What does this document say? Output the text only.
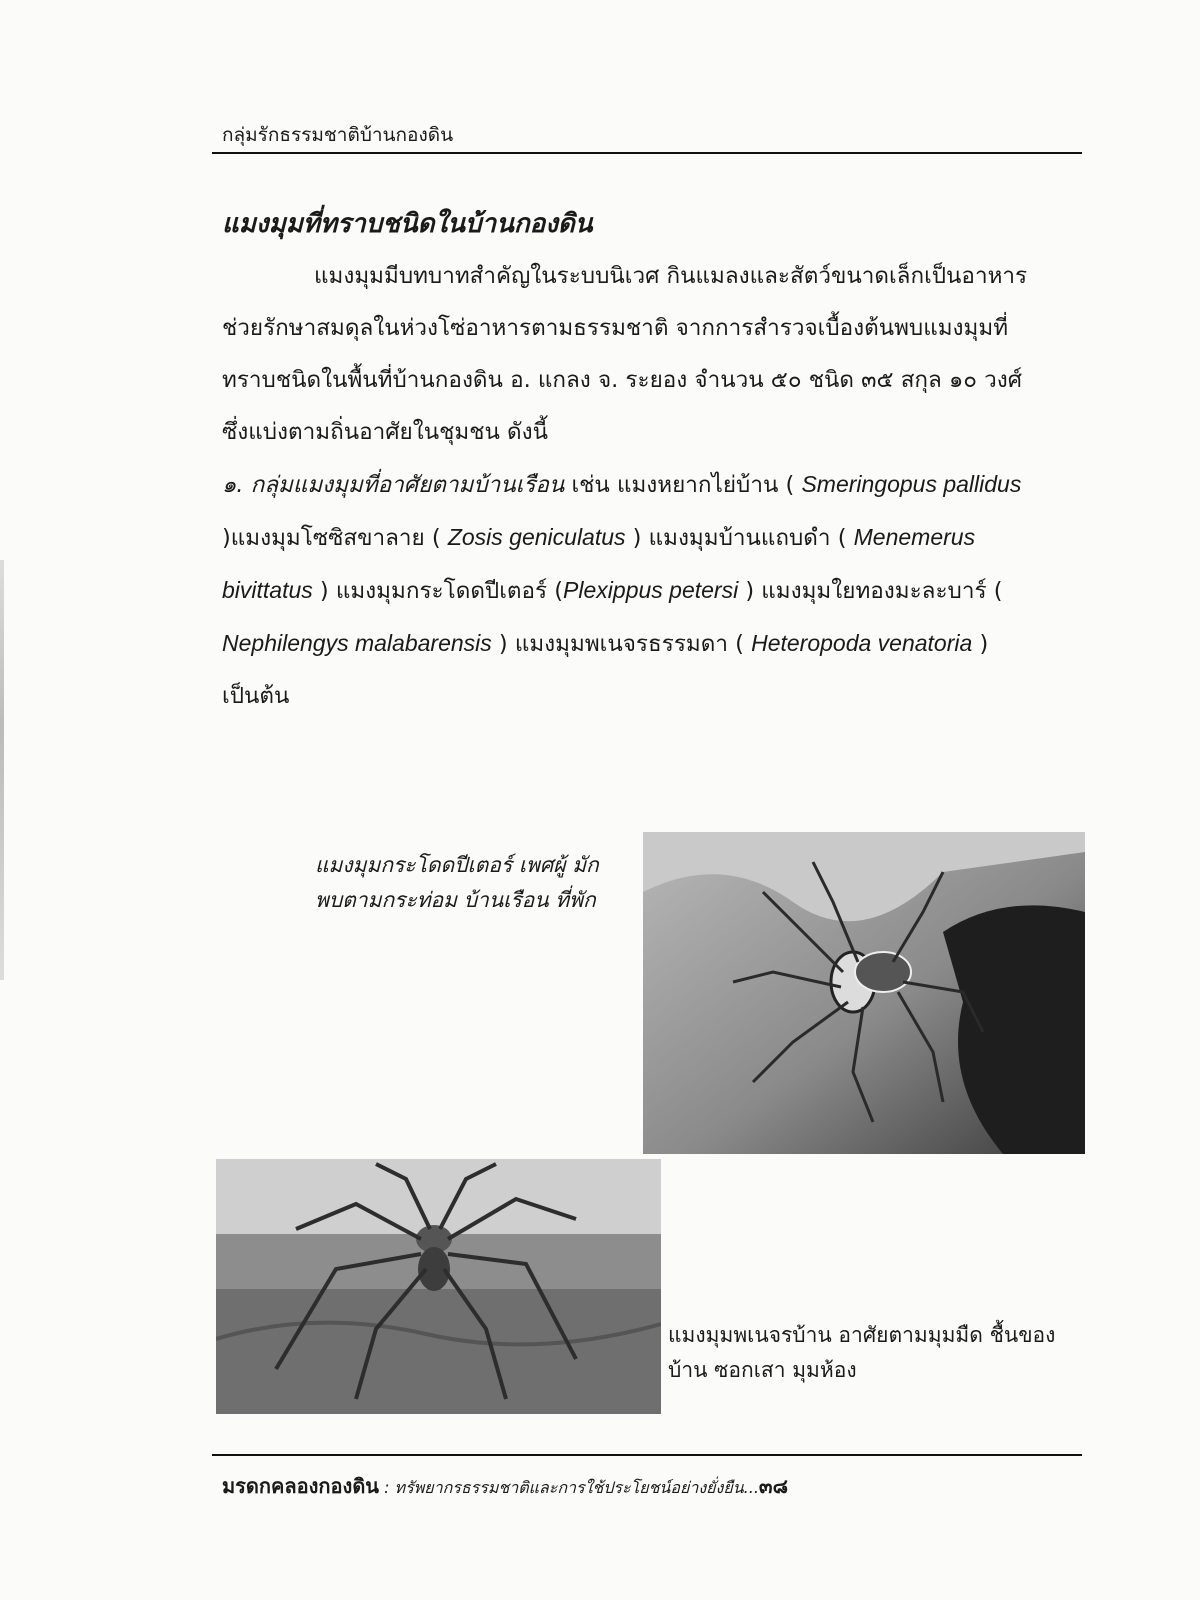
กลุ่มรักธรรมชาติบ้านกองดิน
แมงมุมที่ทราบชนิดในบ้านกองดิน

แมงมุมมีบทบาทสำคัญในระบบนิเวศ กินแมลงและสัตว์ขนาดเล็กเป็นอาหารช่วยรักษาสมดุลในห่วงโซ่อาหารตามธรรมชาติ จากการสำรวจเบื้องต้นพบแมงมุมที่ทราบชนิดในพื้นที่บ้านกองดิน อ. แกลง จ. ระยอง จำนวน ๕๐ ชนิด ๓๕ สกุล ๑๐ วงศ์ ซึ่งแบ่งตามถิ่นอาศัยในชุมชน ดังนี้

๑. กลุ่มแมงมุมที่อาศัยตามบ้านเรือน เช่น แมงหยากไย่บ้าน ( Smeringopus pallidus )แมงมุมโซซิสขาลาย ( Zosis geniculatus ) แมงมุมบ้านแถบดำ ( Menemerus bivittatus ) แมงมุมกระโดดปีเตอร์ (Plexippus petersi ) แมงมุมใยทองมะละบาร์ ( Nephilengys malabarensis ) แมงมุมพเนจรธรรมดา ( Heteropoda venatoria )

เป็นต้น

แมงมุมกระโดดปีเตอร์ เพศผู้ มักพบตามกระท่อม บ้านเรือน ที่พัก

แมงมุมพเนจรบ้าน อาศัยตามมุมมืด ชื้นของบ้าน ซอกเสา มุมห้อง

มรดกคลองกองดิน : ทรัพยากรธรรมชาติและการใช้ประโยชน์อย่างยั่งยืน...๓๘
